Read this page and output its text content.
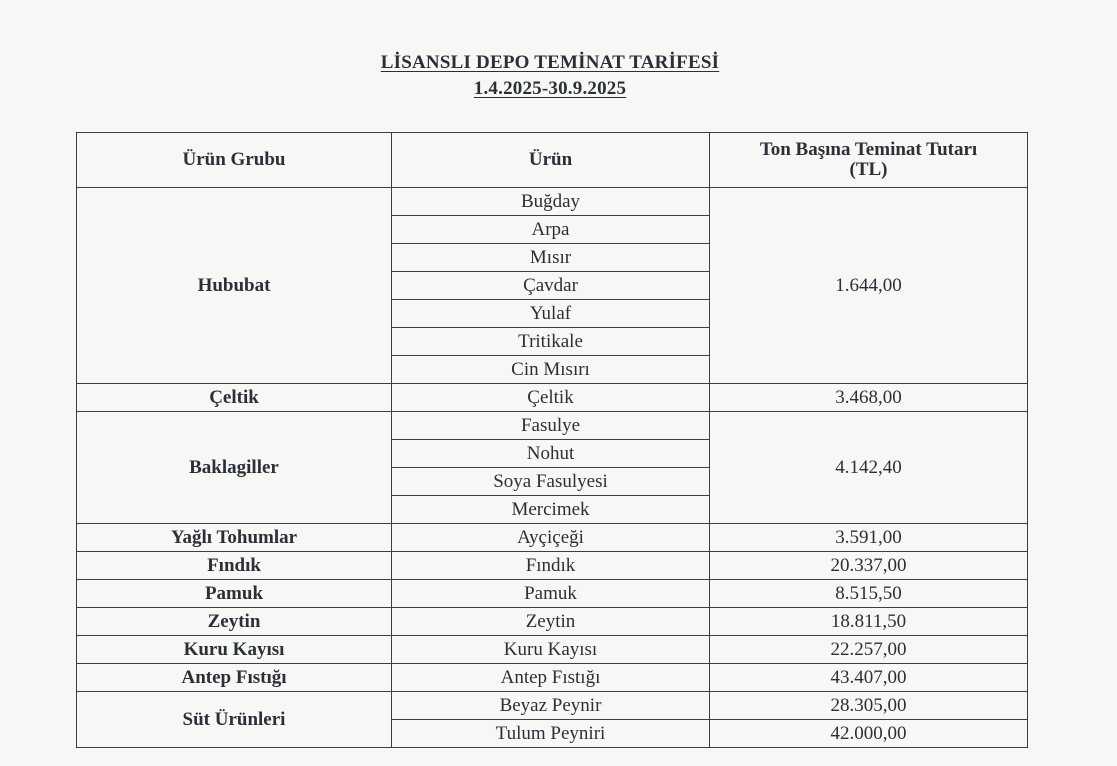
LİSANSLI DEPO TEMİNAT TARİFESİ
1.4.2025-30.9.2025
Ürün Grubu	Ürün	Ton Başına Teminat Tutarı
(TL)
Hububat	Buğday	1.644,00
	Arpa	
	Mısır	
	Çavdar	
	Yulaf	
	Tritikale	
	Cin Mısırı	
Çeltik	Çeltik	3.468,00
Baklagiller	Fasulye	4.142,40
	Nohut	
	Soya Fasulyesi	
	Mercimek	
Yağlı Tohumlar	Ayçiçeği	3.591,00
Fındık	Fındık	20.337,00
Pamuk	Pamuk	8.515,50
Zeytin	Zeytin	18.811,50
Kuru Kayısı	Kuru Kayısı	22.257,00
Antep Fıstığı	Antep Fıstığı	43.407,00
Süt Ürünleri	Beyaz Peynir	28.305,00
	Tulum Peyniri	42.000,00
